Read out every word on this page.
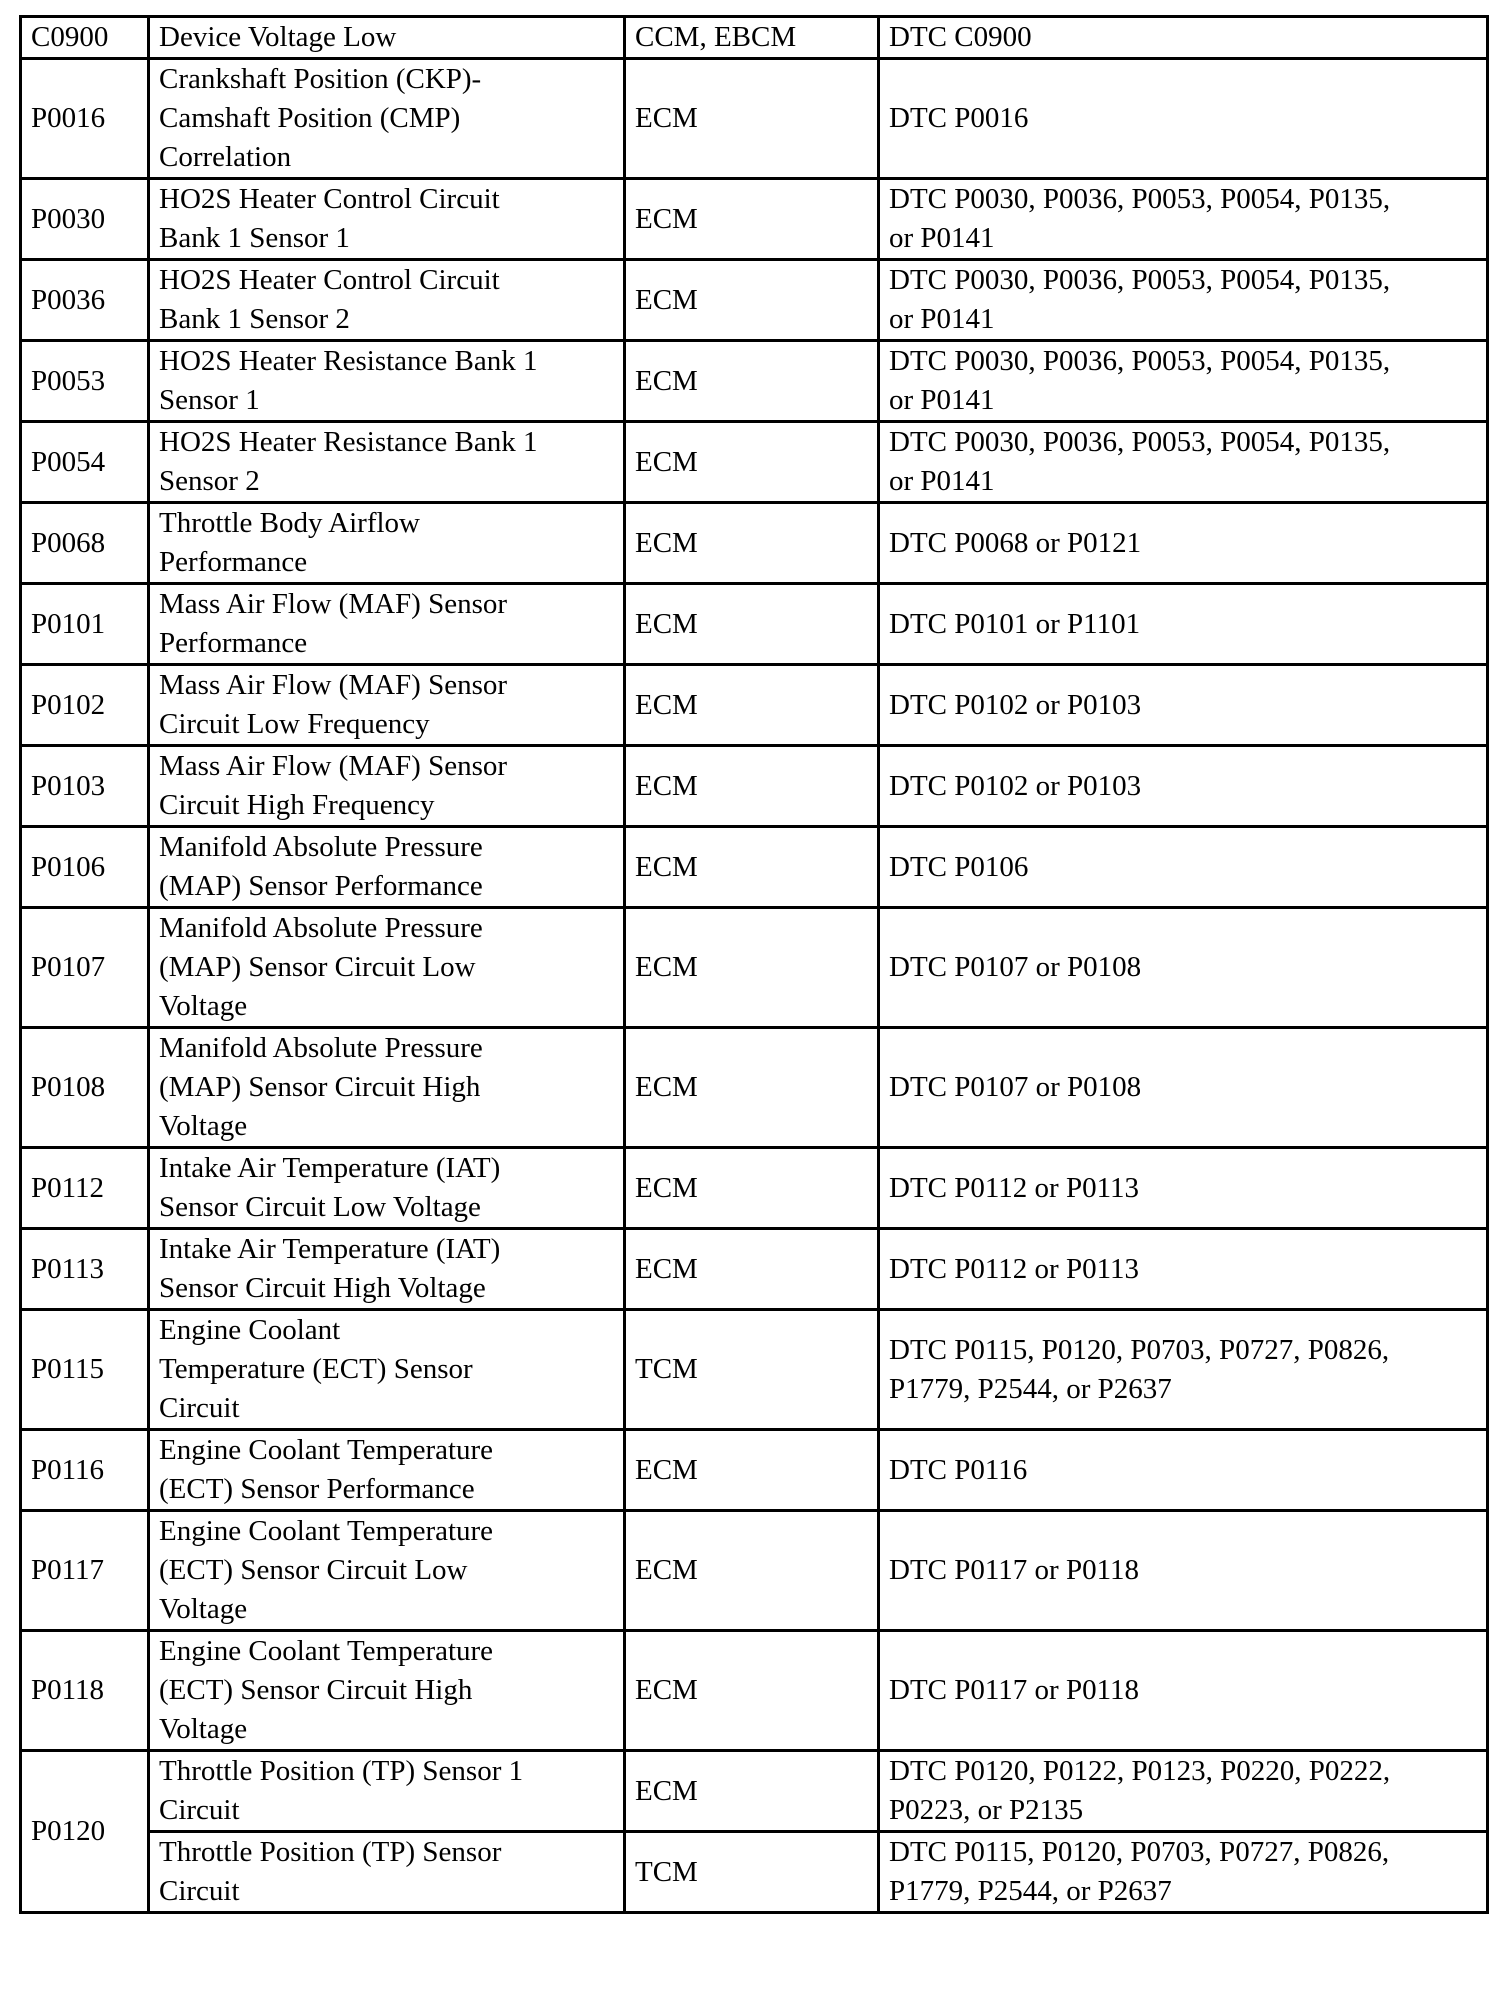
C0900	Device Voltage Low	CCM, EBCM	DTC C0900
P0016	Crankshaft Position (CKP)-
Camshaft Position (CMP)
Correlation	ECM	DTC P0016
P0030	HO2S Heater Control Circuit
Bank 1 Sensor 1	ECM	DTC P0030, P0036, P0053, P0054, P0135,
or P0141
P0036	HO2S Heater Control Circuit
Bank 1 Sensor 2	ECM	DTC P0030, P0036, P0053, P0054, P0135,
or P0141
P0053	HO2S Heater Resistance Bank 1
Sensor 1	ECM	DTC P0030, P0036, P0053, P0054, P0135,
or P0141
P0054	HO2S Heater Resistance Bank 1
Sensor 2	ECM	DTC P0030, P0036, P0053, P0054, P0135,
or P0141
P0068	Throttle Body Airflow
Performance	ECM	DTC P0068 or P0121
P0101	Mass Air Flow (MAF) Sensor
Performance	ECM	DTC P0101 or P1101
P0102	Mass Air Flow (MAF) Sensor
Circuit Low Frequency	ECM	DTC P0102 or P0103
P0103	Mass Air Flow (MAF) Sensor
Circuit High Frequency	ECM	DTC P0102 or P0103
P0106	Manifold Absolute Pressure
(MAP) Sensor Performance	ECM	DTC P0106
P0107	Manifold Absolute Pressure
(MAP) Sensor Circuit Low
Voltage	ECM	DTC P0107 or P0108
P0108	Manifold Absolute Pressure
(MAP) Sensor Circuit High
Voltage	ECM	DTC P0107 or P0108
P0112	Intake Air Temperature (IAT)
Sensor Circuit Low Voltage	ECM	DTC P0112 or P0113
P0113	Intake Air Temperature (IAT)
Sensor Circuit High Voltage	ECM	DTC P0112 or P0113
P0115	Engine Coolant
Temperature (ECT) Sensor
Circuit	TCM	DTC P0115, P0120, P0703, P0727, P0826,
P1779, P2544, or P2637
P0116	Engine Coolant Temperature
(ECT) Sensor Performance	ECM	DTC P0116
P0117	Engine Coolant Temperature
(ECT) Sensor Circuit Low
Voltage	ECM	DTC P0117 or P0118
P0118	Engine Coolant Temperature
(ECT) Sensor Circuit High
Voltage	ECM	DTC P0117 or P0118
P0120	Throttle Position (TP) Sensor 1
Circuit	ECM	DTC P0120, P0122, P0123, P0220, P0222,
P0223, or P2135
	Throttle Position (TP) Sensor
Circuit	TCM	DTC P0115, P0120, P0703, P0727, P0826,
P1779, P2544, or P2637
